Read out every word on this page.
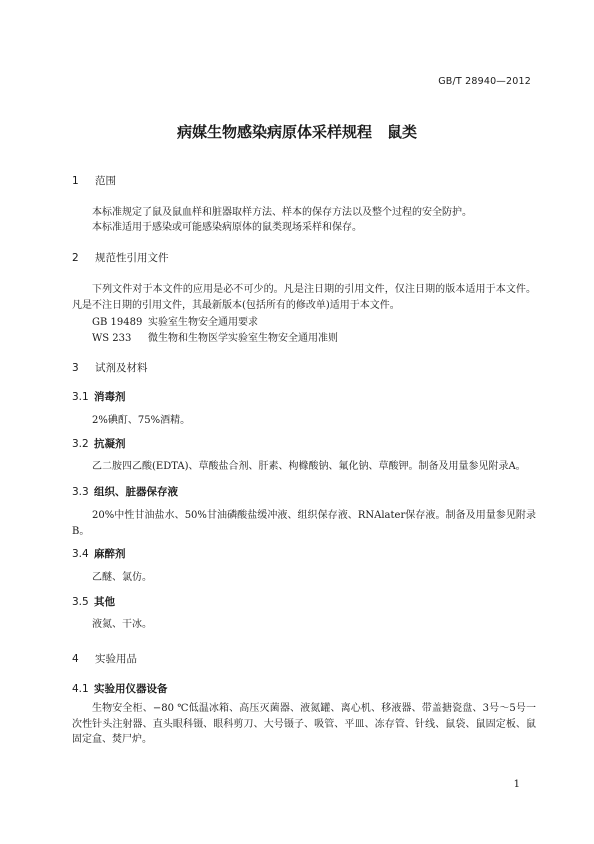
GB/T 28940—2012
病媒生物感染病原体采样规程　鼠类
1 范围

本标准规定了鼠及鼠血样和脏器取样方法、样本的保存方法以及整个过程的安全防护。

本标准适用于感染或可能感染病原体的鼠类现场采样和保存。

2 规范性引用文件

下列文件对于本文件的应用是必不可少的。凡是注日期的引用文件，仅注日期的版本适用于本文件。凡是不注日期的引用文件，其最新版本(包括所有的修改单)适用于本文件。

GB 19489 实验室生物安全通用要求
WS 233 微生物和生物医学实验室生物安全通用准则
3 试剂及材料
3.1 消毒剂

2%碘酊、75%酒精。

3.2 抗凝剂

乙二胺四乙酸(EDTA)、草酸盐合剂、肝素、枸橼酸钠、氟化钠、草酸钾。制备及用量参见附录A。

3.3 组织、脏器保存液

20%中性甘油盐水、50%甘油磷酸盐缓冲液、组织保存液、RNAlater保存液。制备及用量参见附录B。

3.4 麻醉剂

乙醚、氯仿。

3.5 其他

液氮、干冰。

4 实验用品
4.1 实验用仪器设备

生物安全柜、−80 ℃低温冰箱、高压灭菌器、液氮罐、离心机、移液器、带盖搪瓷盘、3号～5号一次性针头注射器、直头眼科镊、眼科剪刀、大号镊子、吸管、平皿、冻存管、针线、鼠袋、鼠固定板、鼠固定盒、焚尸炉。

1
